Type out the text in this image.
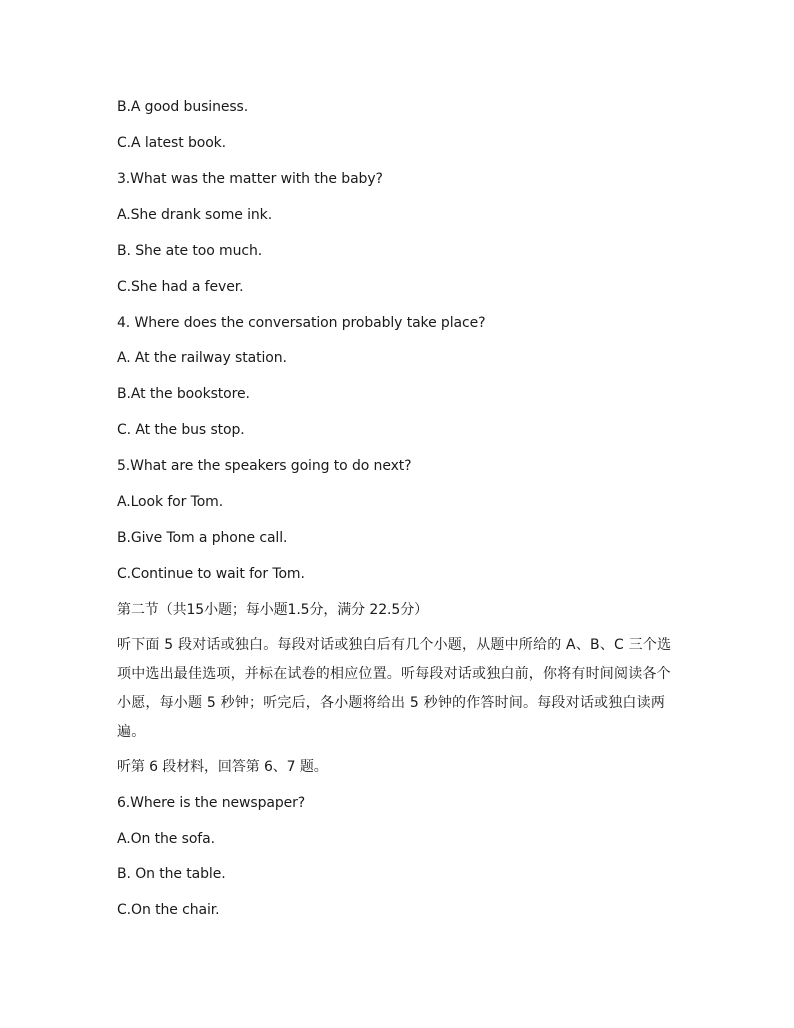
B.A good business.
C.A latest book.
3.What was the matter with the baby?
A.She drank some ink.
B. She ate too much.
C.She had a fever.
4. Where does the conversation probably take place?
A. At the railway station.
B.At the bookstore.
C. At the bus stop.
5.What are the speakers going to do next?
A.Look for Tom.
B.Give Tom a phone call.
C.Continue to wait for Tom.
第二节（共15小题；每小题1.5分，满分 22.5分）
听下面 5 段对话或独白。每段对话或独白后有几个小题，从题中所给的 A、B、C 三个选项中选出最佳选项，并标在试卷的相应位置。听每段对话或独白前，你将有时间阅读各个小愿，每小题 5 秒钟；听完后，各小题将给出 5 秒钟的作答时间。每段对话或独白读两遍。
听第 6 段材料，回答第 6、7 题。
6.Where is the newspaper?
A.On the sofa.
B. On the table.
C.On the chair.
